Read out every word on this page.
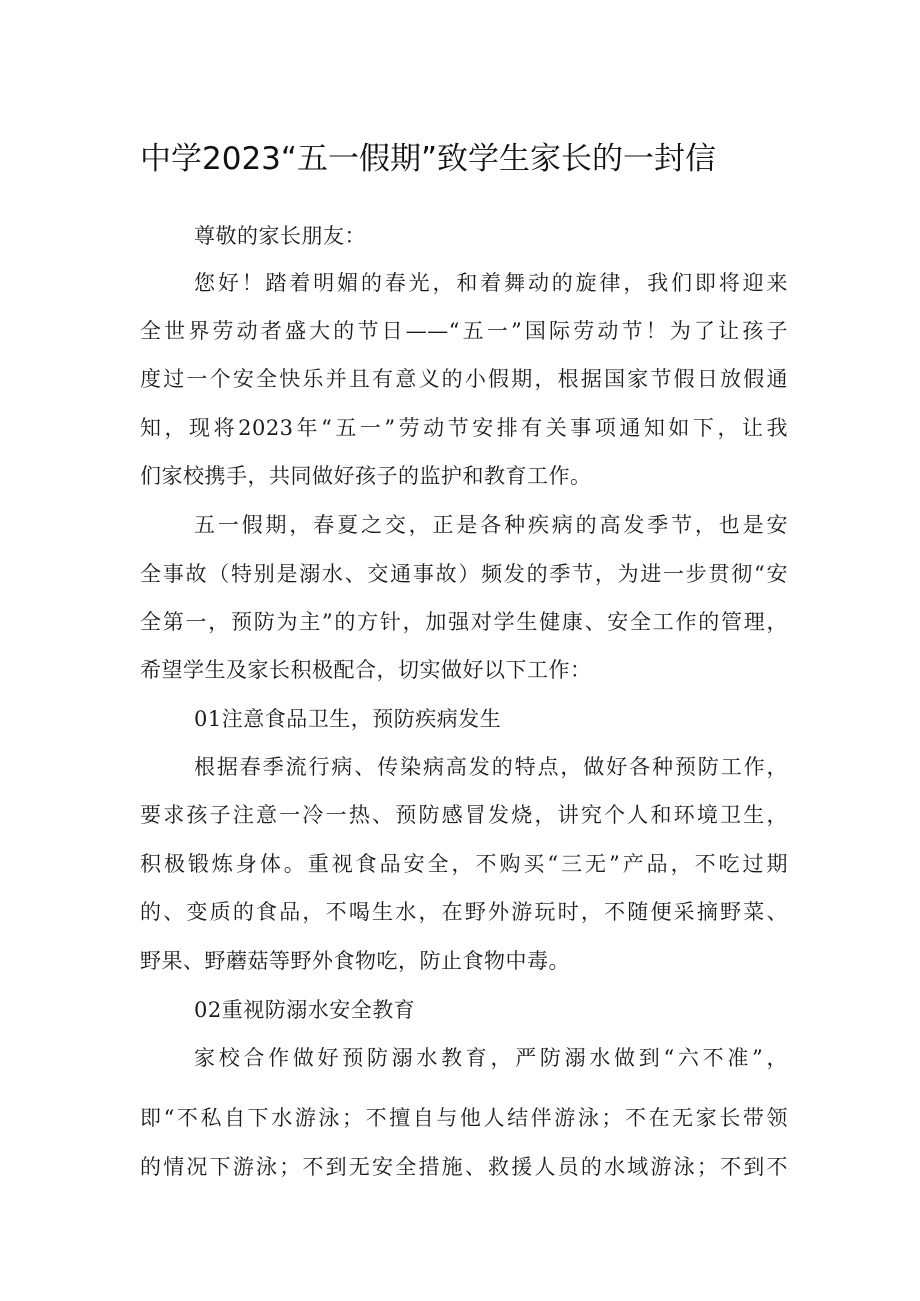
中学2023“五一假期”致学生家长的一封信
尊敬的家长朋友：
您好！踏着明媚的春光，和着舞动的旋律，我们即将迎来
全世界劳动者盛大的节日——“五一”国际劳动节！为了让孩子
度过一个安全快乐并且有意义的小假期，根据国家节假日放假通
知，现将2023年“五一”劳动节安排有关事项通知如下，让我
们家校携手，共同做好孩子的监护和教育工作。
五一假期，春夏之交，正是各种疾病的高发季节，也是安
全事故（特别是溺水、交通事故）频发的季节，为进一步贯彻“安
全第一，预防为主”的方针，加强对学生健康、安全工作的管理，
希望学生及家长积极配合，切实做好以下工作：
01注意食品卫生，预防疾病发生
根据春季流行病、传染病高发的特点，做好各种预防工作，
要求孩子注意一冷一热、预防感冒发烧，讲究个人和环境卫生，
积极锻炼身体。重视食品安全，不购买“三无”产品，不吃过期
的、变质的食品，不喝生水，在野外游玩时，不随便采摘野菜、
野果、野蘑菇等野外食物吃，防止食物中毒。
02重视防溺水安全教育
家校合作做好预防溺水教育，严防溺水做到“六不准”，
即“不私自下水游泳；不擅自与他人结伴游泳；不在无家长带领
的情况下游泳；不到无安全措施、救援人员的水域游泳；不到不
